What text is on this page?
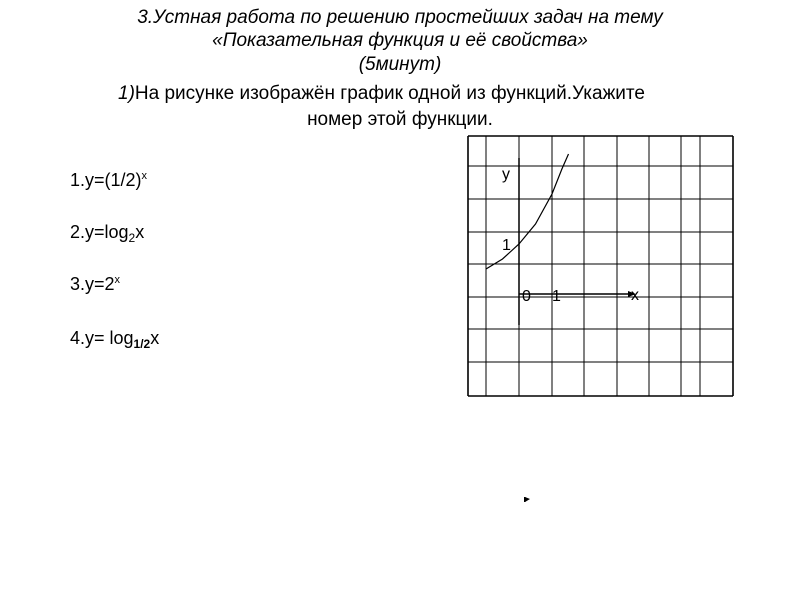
3.Устная работа по решению простейших задач на тему
«Показательная функция и её свойства»
(5минут)
1)На рисунке изображён график одной из функций.Укажите
номер этой функции.
$1.y=(1/2)^x$
$2.y=\log_2x$
$3.y=2^x$
$4.y= \log_{1/2}x$
y
1
0 1	x
